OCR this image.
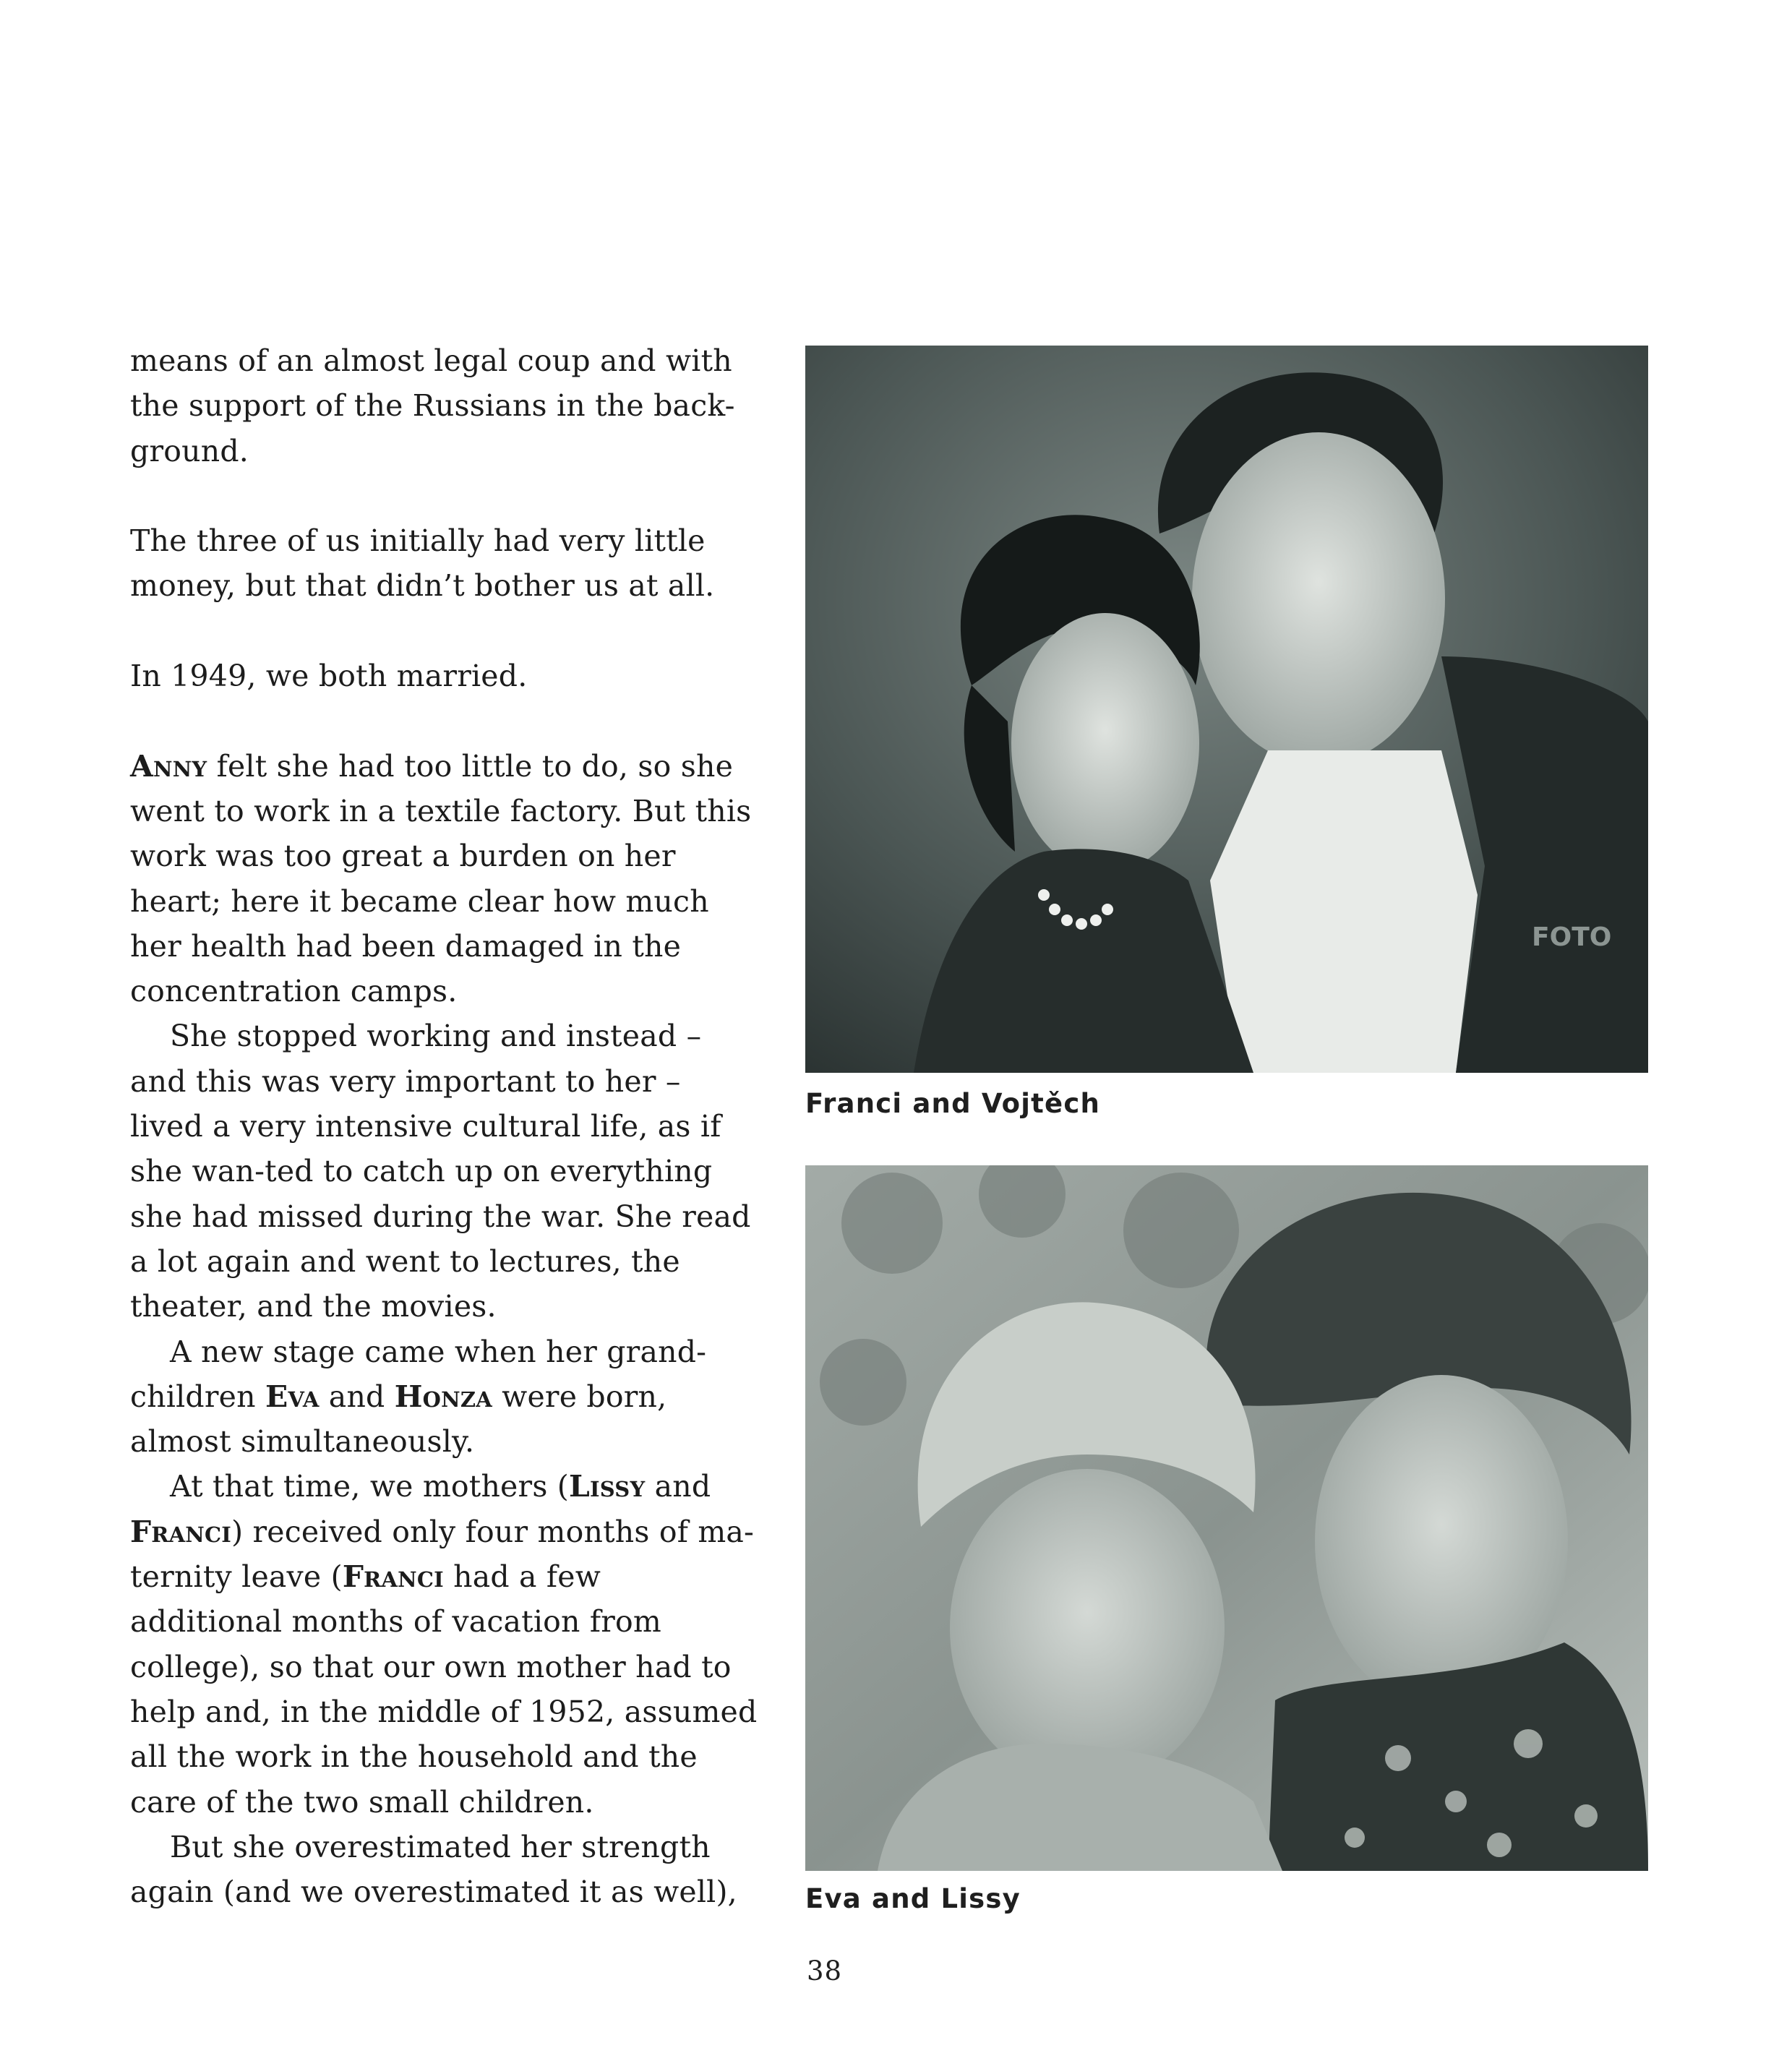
means of an almost legal coup and with the support of the Russians in the back-ground.

The three of us initially had very little money, but that didn’t bother us at all.

In 1949, we both married.

Anny felt she had too little to do, so she went to work in a textile factory. But this work was too great a burden on her heart; here it became clear how much her health had been damaged in the concentration camps.

She stopped working and instead – and this was very important to her – lived a very intensive cultural life, as if she wan-ted to catch up on everything she had missed during the war. She read a lot again and went to lectures, the theater, and the movies.

A new stage came when her grand-children Eva and Honza were born, almost simultaneously.

At that time, we mothers (Lissy and Franci) received only four months of ma-ternity leave (Franci had a few additional months of vacation from college), so that our own mother had to help and, in the middle of 1952, assumed all the work in the household and the care of the two small children.

But she overestimated her strength again (and we overestimated it as well),

FOTO
Franci and Vojtěch
Eva and Lissy
38
